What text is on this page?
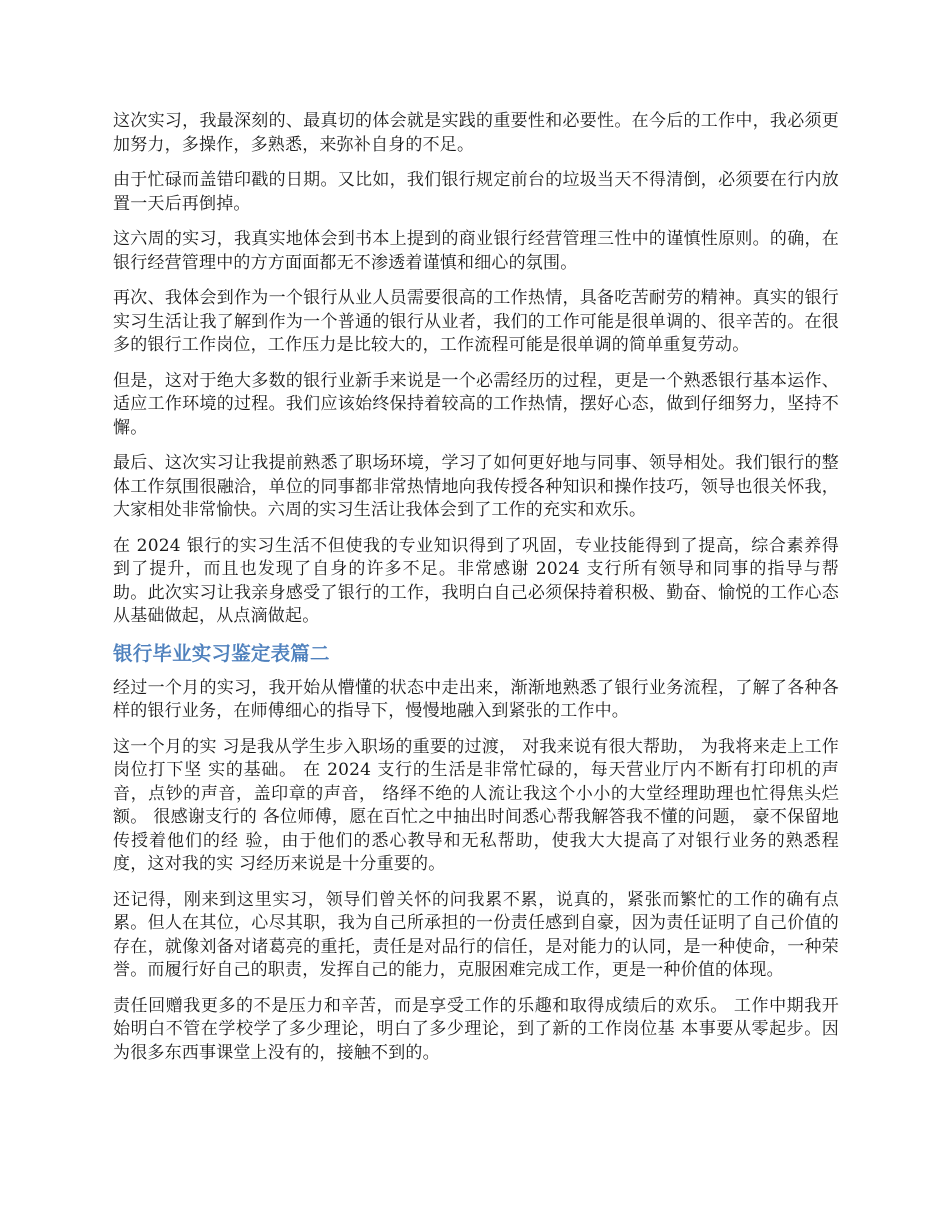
这次实习，我最深刻的、最真切的体会就是实践的重要性和必要性。在今后的工作中，我必须更加努力，多操作，多熟悉，来弥补自身的不足。

由于忙碌而盖错印戳的日期。又比如，我们银行规定前台的垃圾当天不得清倒，必须要在行内放置一天后再倒掉。

这六周的实习，我真实地体会到书本上提到的商业银行经营管理三性中的谨慎性原则。的确，在银行经营管理中的方方面面都无不渗透着谨慎和细心的氛围。

再次、我体会到作为一个银行从业人员需要很高的工作热情，具备吃苦耐劳的精神。真实的银行实习生活让我了解到作为一个普通的银行从业者，我们的工作可能是很单调的、很辛苦的。在很多的银行工作岗位，工作压力是比较大的，工作流程可能是很单调的简单重复劳动。

但是，这对于绝大多数的银行业新手来说是一个必需经历的过程，更是一个熟悉银行基本运作、适应工作环境的过程。我们应该始终保持着较高的工作热情，摆好心态，做到仔细努力，坚持不懈。

最后、这次实习让我提前熟悉了职场环境，学习了如何更好地与同事、领导相处。我们银行的整体工作氛围很融洽，单位的同事都非常热情地向我传授各种知识和操作技巧，领导也很关怀我，大家相处非常愉快。六周的实习生活让我体会到了工作的充实和欢乐。

在 2024 银行的实习生活不但使我的专业知识得到了巩固，专业技能得到了提高，综合素养得到了提升，而且也发现了自身的许多不足。非常感谢 2024 支行所有领导和同事的指导与帮助。此次实习让我亲身感受了银行的工作，我明白自己必须保持着积极、勤奋、愉悦的工作心态从基础做起，从点滴做起。

银行毕业实习鉴定表篇二

经过一个月的实习，我开始从懵懂的状态中走出来，渐渐地熟悉了银行业务流程，了解了各种各样的银行业务，在师傅细心的指导下，慢慢地融入到紧张的工作中。

这一个月的实 习是我从学生步入职场的重要的过渡， 对我来说有很大帮助， 为我将来走上工作岗位打下坚 实的基础。 在 2024 支行的生活是非常忙碌的，每天营业厅内不断有打印机的声音，点钞的声音，盖印章的声音， 络绎不绝的人流让我这个小小的大堂经理助理也忙得焦头烂额。 很感谢支行的 各位师傅，愿在百忙之中抽出时间悉心帮我解答我不懂的问题， 豪不保留地传授着他们的经 验，由于他们的悉心教导和无私帮助，使我大大提高了对银行业务的熟悉程度，这对我的实 习经历来说是十分重要的。

还记得，刚来到这里实习，领导们曾关怀的问我累不累，说真的，紧张而繁忙的工作的确有点累。但人在其位，心尽其职，我为自己所承担的一份责任感到自豪，因为责任证明了自己价值的存在，就像刘备对诸葛亮的重托，责任是对品行的信任，是对能力的认同，是一种使命，一种荣誉。而履行好自己的职责，发挥自己的能力，克服困难完成工作，更是一种价值的体现。

责任回赠我更多的不是压力和辛苦，而是享受工作的乐趣和取得成绩后的欢乐。 工作中期我开始明白不管在学校学了多少理论，明白了多少理论，到了新的工作岗位基 本事要从零起步。因为很多东西事课堂上没有的，接触不到的。
